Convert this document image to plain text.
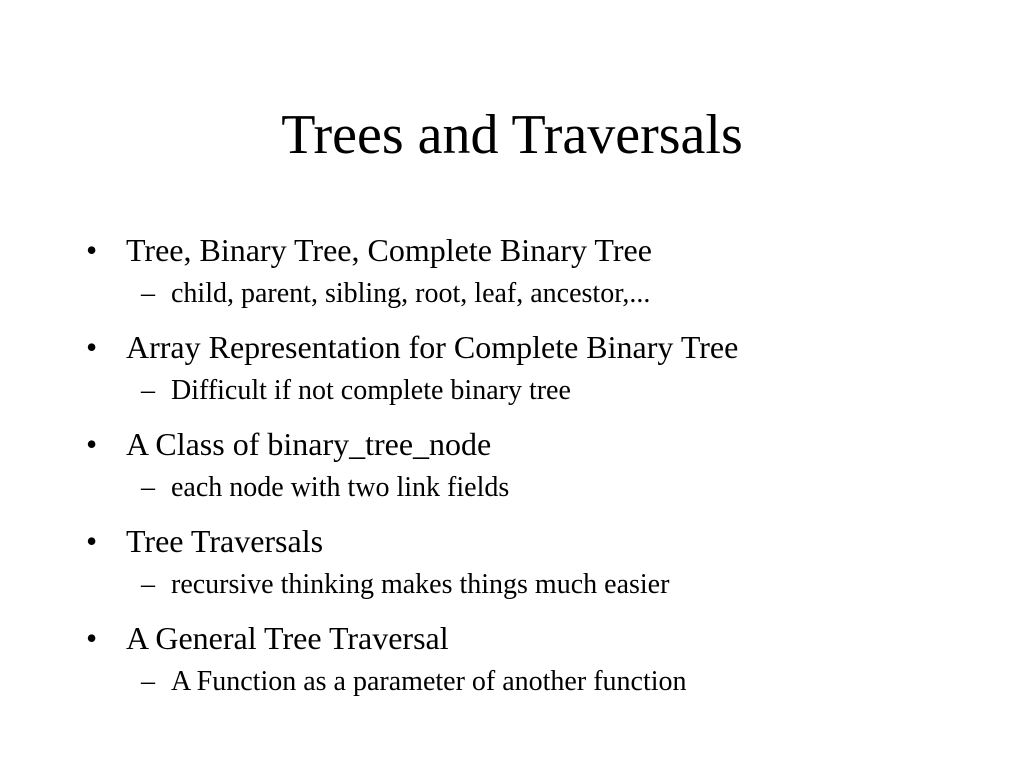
Trees and Traversals
• Tree, Binary Tree, Complete Binary Tree
– child, parent, sibling, root, leaf, ancestor,...
• Array Representation for Complete Binary Tree
– Difficult if not complete binary tree
• A Class of binary_tree_node
– each node with two link fields
• Tree Traversals
– recursive thinking makes things much easier
• A General Tree Traversal
– A Function as a parameter of another function
